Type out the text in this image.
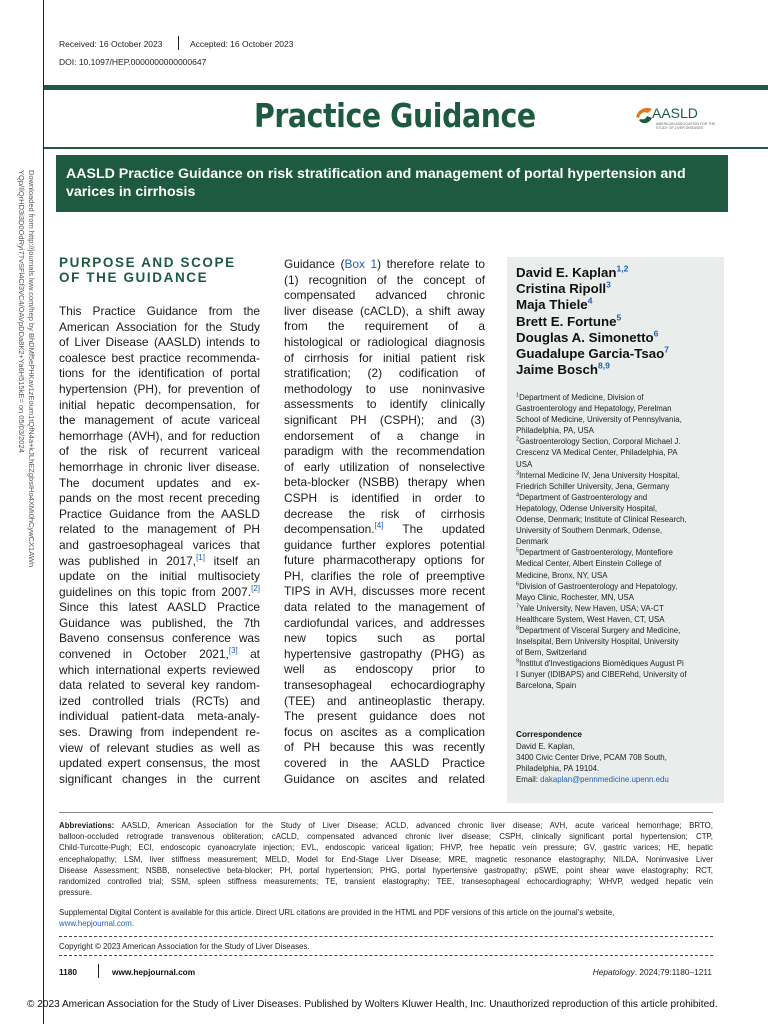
Received: 16 October 2023	Accepted: 16 October 2023
DOI: 10.1097/HEP.0000000000000647
Downloaded from http://journals.lww.com/hep by BhDMf5ePHKav1zEoum1tQfN4a+kJLhEZgbsIHo4XMi0hCywCX1AWn
YQp/IlQrHD3i3D0OdRyi7TvSFl4Cf3VC4/OAVpDDa8K2+Ya6H515kE= on 05/03/2024
Practice Guidance	AASLD
AMERICAN ASSOCIATION FOR THE STUDY OF LIVER DISEASES
AASLD Practice Guidance on risk stratification and management of portal hypertension and varices in cirrhosis
PURPOSE AND SCOPE
OF THE GUIDANCE
This Practice Guidance from the
American Association for the Study
of Liver Disease (AASLD) intends to
coalesce best practice recommenda-
tions for the identification of portal
hypertension (PH), for prevention of
initial hepatic decompensation, for
the management of acute variceal
hemorrhage (AVH), and for reduction
of the risk of recurrent variceal
hemorrhage in chronic liver disease.
The document updates and ex-
pands on the most recent preceding
Practice Guidance from the AASLD
related to the management of PH
and gastroesophageal varices that
was published in 2017,[1] itself an
update on the initial multisociety
guidelines on this topic from 2007.[2]
Since this latest AASLD Practice
Guidance was published, the 7th
Baveno consensus conference was
convened in October 2021,[3] at
which international experts reviewed
data related to several key random-
ized controlled trials (RCTs) and
individual patient-data meta-analy-
ses. Drawing from independent re-
view of relevant studies as well as
updated expert consensus, the most
significant changes in the current
Guidance (Box 1) therefore relate to
(1) recognition of the concept of
compensated advanced chronic
liver disease (cACLD), a shift away
from the requirement of a
histological or radiological diagnosis
of cirrhosis for initial patient risk
stratification; (2) codification of
methodology to use noninvasive
assessments to identify clinically
significant PH (CSPH); and (3)
endorsement of a change in
paradigm with the recommendation
of early utilization of nonselective
beta-blocker (NSBB) therapy when
CSPH is identified in order to
decrease the risk of cirrhosis
decompensation.[4] The updated
guidance further explores potential
future pharmacotherapy options for
PH, clarifies the role of preemptive
TIPS in AVH, discusses more recent
data related to the management of
cardiofundal varices, and addresses
new topics such as portal
hypertensive gastropathy (PHG) as
well as endoscopy prior to
transesophageal echocardiography
(TEE) and antineoplastic therapy.
The present guidance does not
focus on ascites as a complication
of PH because this was recently
covered in the AASLD Practice
Guidance on ascites and related
David E. Kaplan$^{1,2}$
Cristina Ripoll$^3$
Maja Thiele$^4$
Brett E. Fortune$^5$
Douglas A. Simonetto$^6$
Guadalupe Garcia-Tsao$^7$
Jaime Bosch$^{8,9}$
$^1$Department of Medicine, Division of
Gastroenterology and Hepatology, Perelman
School of Medicine, University of Pennsylvania,
Philadelphia, PA, USA
$^2$Gastroenterology Section, Corporal Michael J.
Crescenz VA Medical Center, Philadelphia, PA
USA
$^3$Internal Medicine IV, Jena University Hospital,
Friedrich Schiller University, Jena, Germany
$^4$Department of Gastroenterology and
Hepatology, Odense University Hospital,
Odense, Denmark; Institute of Clinical Research,
University of Southern Denmark, Odense,
Denmark
$^5$Department of Gastroenterology, Montefiore
Medical Center, Albert Einstein College of
Medicine, Bronx, NY, USA
$^6$Division of Gastroenterology and Hepatology,
Mayo Clinic, Rochester, MN, USA
$^7$Yale University, New Haven, USA; VA-CT
Healthcare System, West Haven, CT, USA
$^8$Department of Visceral Surgery and Medicine,
Inselspital, Bern University Hospital, University
of Bern, Switzerland
$^9$Institut d'Investigacions Biomèdiques August Pi
I Sunyer (IDIBAPS) and CIBERehd, University of
Barcelona, Spain
Correspondence
David E. Kaplan,
3400 Civic Center Drive, PCAM 708 South,
Philadelphia, PA 19104.
Email: dakaplan@pennmedicine.upenn.edu
Abbreviations: AASLD, American Association for the Study of Liver Disease; ACLD, advanced chronic liver disease; AVH, acute variceal hemorrhage; BRTO,
balloon-occluded retrograde transvenous obliteration; cACLD, compensated advanced chronic liver disease; CSPH, clinically significant portal hypertension; CTP,
Child-Turcotte-Pugh; ECI, endoscopic cyanoacrylate injection; EVL, endoscopic variceal ligation; FHVP, free hepatic vein pressure; GV, gastric varices; HE, hepatic
encephalopathy; LSM, liver stiffness measurement; MELD, Model for End-Stage Liver Disease; MRE, magnetic resonance elastography; NILDA, Noninvasive Liver
Disease Assessment; NSBB, nonselective beta-blocker; PH, portal hypertension; PHG, portal hypertensive gastropathy; pSWE, point shear wave elastography; RCT,
randomized controlled trial; SSM, spleen stiffness measurements; TE, transient elastography; TEE, transesophageal echocardiography; WHVP, wedged hepatic vein
pressure.
Supplemental Digital Content is available for this article. Direct URL citations are provided in the HTML and PDF versions of this article on the journal's website,
www.hepjournal.com.
Copyright © 2023 American Association for the Study of Liver Diseases.
1180	www.hepjournal.com	Hepatology. 2024;79:1180–1211
© 2023 American Association for the Study of Liver Diseases. Published by Wolters Kluwer Health, Inc. Unauthorized reproduction of this article prohibited.
